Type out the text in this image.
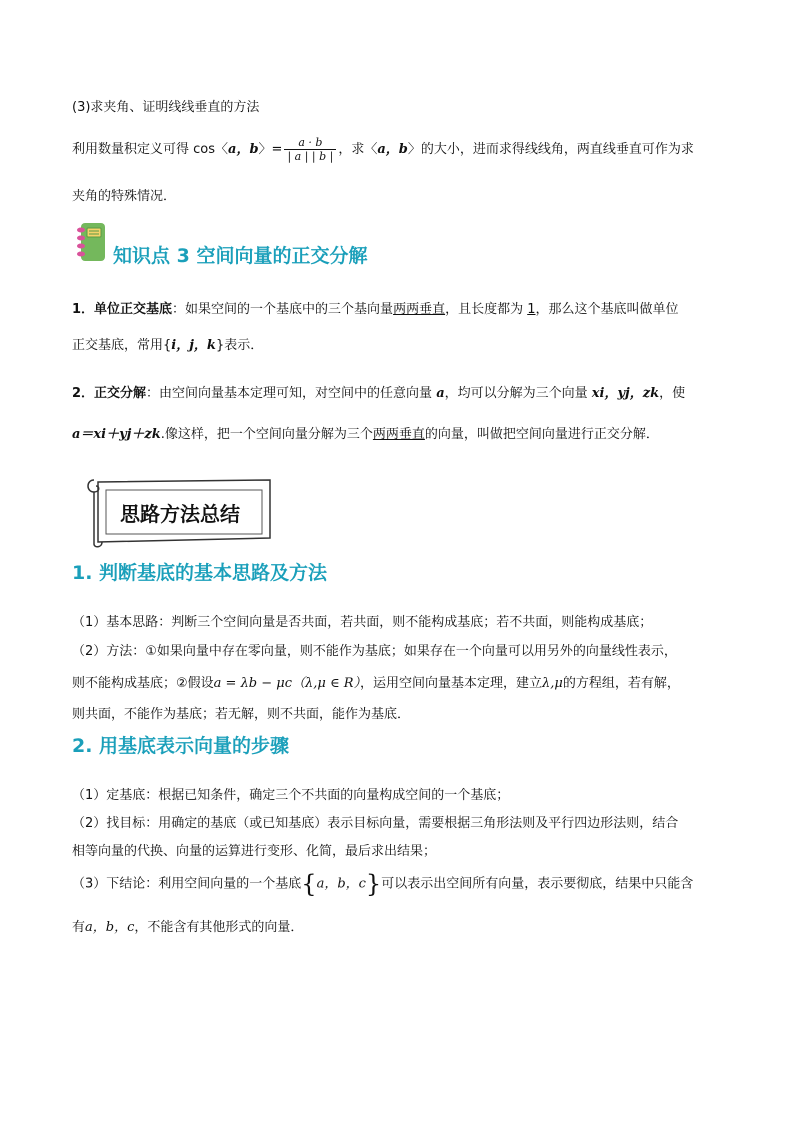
(3)求夹角、证明线线垂直的方法
利用数量积定义可得 cos〈a，b〉= $\frac{a \cdot b}{| a | | b |}$ ，求〈a，b〉的大小，进而求得线线角，两直线垂直可作为求
夹角的特殊情况．
知识点 3 空间向量的正交分解
1．单位正交基底：如果空间的一个基底中的三个基向量两两垂直，且长度都为 1，那么这个基底叫做单位
正交基底，常用{i，j，k}表示．
2．正交分解：由空间向量基本定理可知，对空间中的任意向量 a，均可以分解为三个向量 xi，yj，zk，使
a＝xi＋yj＋zk.像这样，把一个空间向量分解为三个两两垂直的向量，叫做把空间向量进行正交分解．
思路方法总结
1. 判断基底的基本思路及方法
（1）基本思路：判断三个空间向量是否共面，若共面，则不能构成基底；若不共面，则能构成基底；
（2）方法：①如果向量中存在零向量，则不能作为基底；如果存在一个向量可以用另外的向量线性表示，
则不能构成基底；②假设a = λb − μc（λ,μ ∈ R），运用空间向量基本定理，建立λ,μ的方程组，若有解，
则共面，不能作为基底；若无解，则不共面，能作为基底．
2. 用基底表示向量的步骤
（1）定基底：根据已知条件，确定三个不共面的向量构成空间的一个基底；
（2）找目标：用确定的基底（或已知基底）表示目标向量，需要根据三角形法则及平行四边形法则，结合
相等向量的代换、向量的运算进行变形、化简，最后求出结果；
（3）下结论：利用空间向量的一个基底{a，b，c}可以表示出空间所有向量，表示要彻底，结果中只能含
有a，b，c，不能含有其他形式的向量．
